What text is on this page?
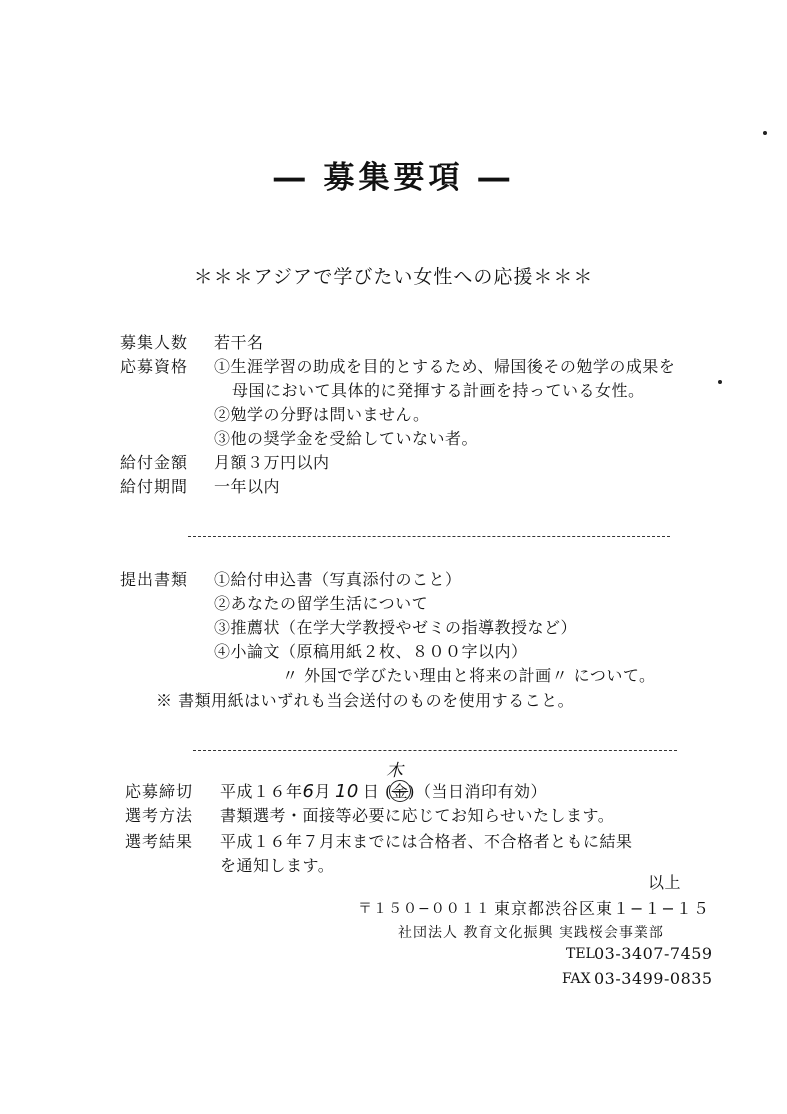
― 募集要項 ―
＊＊＊アジアで学びたい女性への応援＊＊＊
募集人数 若干名
応募資格 ①生涯学習の助成を目的とするため、帰国後その勉学の成果を
母国において具体的に発揮する計画を持っている女性。
②勉学の分野は問いません。
③他の奨学金を受給していない者。
給付金額 月額３万円以内
給付期間 一年以内
提出書類 ①給付申込書（写真添付のこと）
②あなたの留学生活について
③推薦状（在学大学教授やゼミの指導教授など）
④小論文（原稿用紙２枚、８００字以内）
〃 外国で学びたい理由と将来の計画〃 について。
※ 書類用紙はいずれも当会送付のものを使用すること。
応募締切 平成１６年6月 10 日 (金)（当日消印有効）
木
選考方法 書類選考・面接等必要に応じてお知らせいたします。
選考結果 平成１６年７月末までには合格者、不合格者ともに結果
を通知します。
以上
〒１５０−００１１ 東京都渋谷区東１−１−１５
社団法人 教育文化振興 実践桜会事業部
TEL 03-3407-7459
FAX 03-3499-0835
